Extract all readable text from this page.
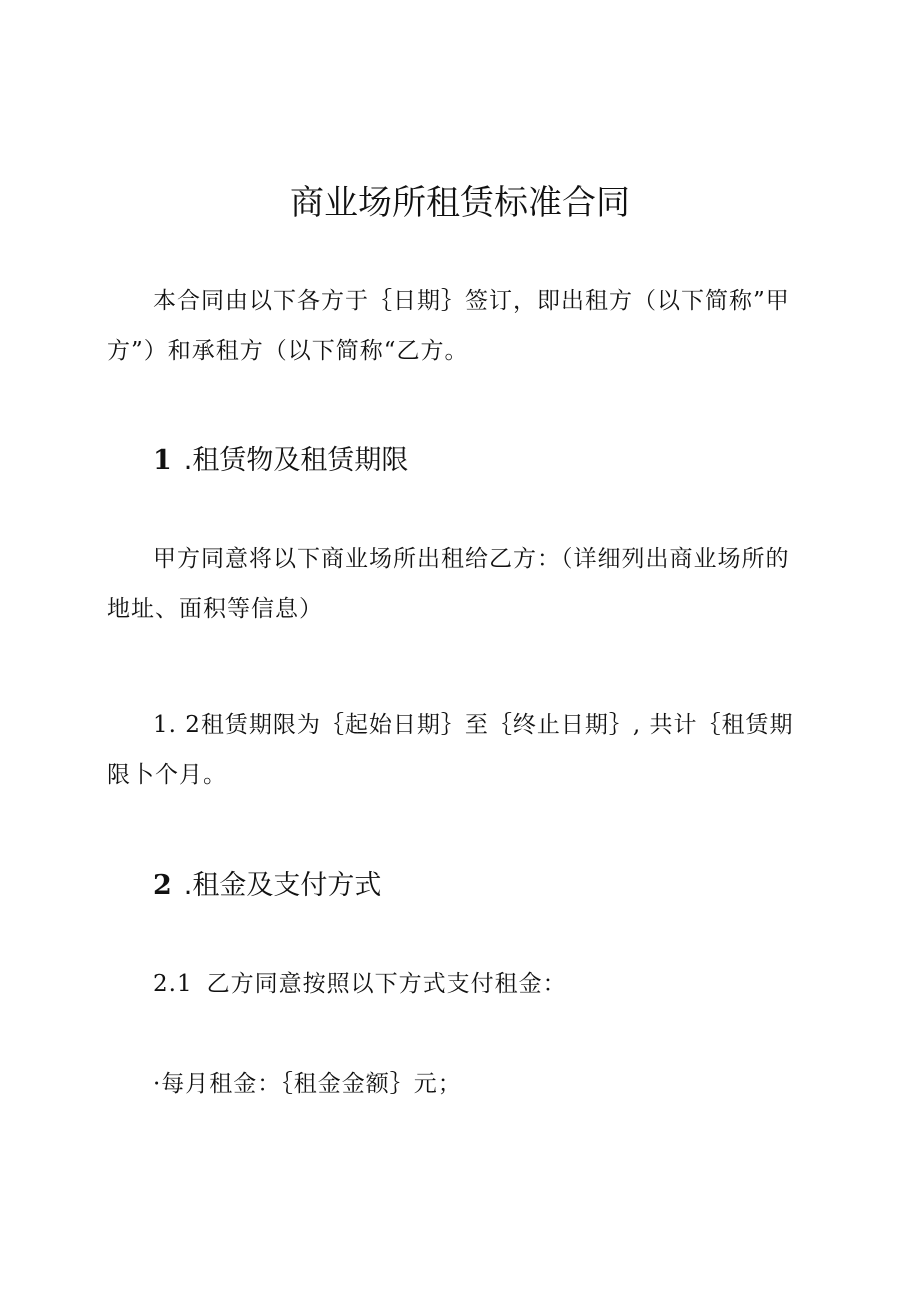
商业场所租赁标准合同

本合同由以下各方于｛日期｝签订，即出租方（以下简称”甲方”）和承租方（以下简称“乙方。

1 .租赁物及租赁期限

甲方同意将以下商业场所出租给乙方：（详细列出商业场所的地址、面积等信息）

1. 2租赁期限为｛起始日期｝至｛终止日期｝, 共计｛租赁期限卜个月。

2 .租金及支付方式

2.1 乙方同意按照以下方式支付租金：

·每月租金：｛租金金额｝元；
